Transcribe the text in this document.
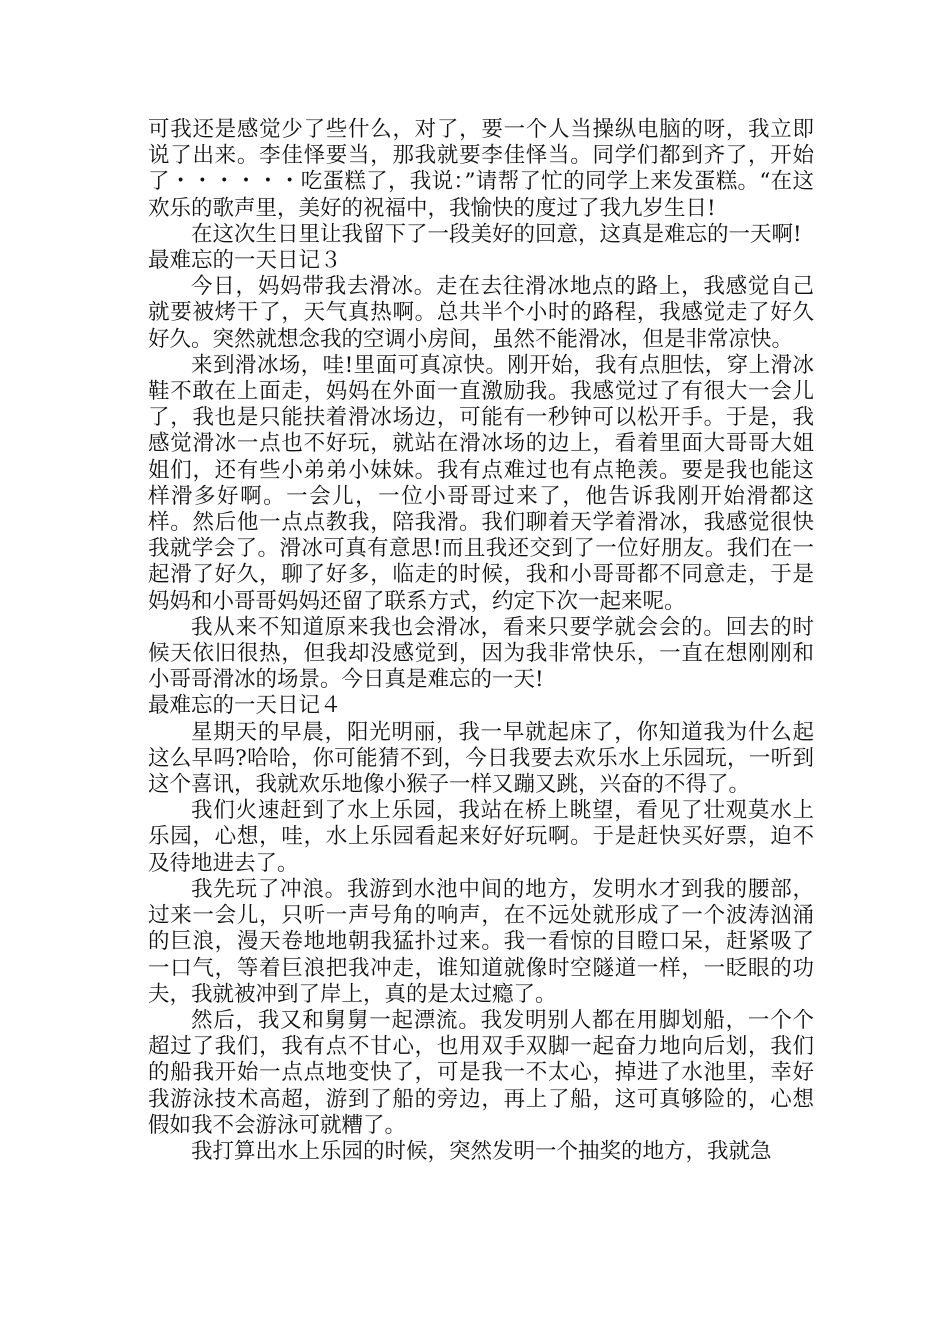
可我还是感觉少了些什么，对了，要一个人当操纵电脑的呀，我立即说了出来。李佳怿要当，那我就要李佳怿当。同学们都到齐了，开始了・・・・・・吃蛋糕了，我说：”请帮了忙的同学上来发蛋糕。“在这欢乐的歌声里，美好的祝福中，我愉快的度过了我九岁生日!

在这次生日里让我留下了一段美好的回意，这真是难忘的一天啊!

最难忘的一天日记３

今日，妈妈带我去滑冰。走在去往滑冰地点的路上，我感觉自己就要被烤干了，天气真热啊。总共半个小时的路程，我感觉走了好久好久。突然就想念我的空调小房间，虽然不能滑冰，但是非常凉快。

来到滑冰场，哇!里面可真凉快。刚开始，我有点胆怯，穿上滑冰鞋不敢在上面走，妈妈在外面一直激励我。我感觉过了有很大一会儿了，我也是只能扶着滑冰场边，可能有一秒钟可以松开手。于是，我感觉滑冰一点也不好玩，就站在滑冰场的边上，看着里面大哥哥大姐姐们，还有些小弟弟小妹妹。我有点难过也有点艳羡。要是我也能这样滑多好啊。一会儿，一位小哥哥过来了，他告诉我刚开始滑都这样。然后他一点点教我，陪我滑。我们聊着天学着滑冰，我感觉很快我就学会了。滑冰可真有意思!而且我还交到了一位好朋友。我们在一起滑了好久，聊了好多，临走的时候，我和小哥哥都不同意走，于是妈妈和小哥哥妈妈还留了联系方式，约定下次一起来呢。

我从来不知道原来我也会滑冰，看来只要学就会会的。回去的时候天依旧很热，但我却没感觉到，因为我非常快乐，一直在想刚刚和小哥哥滑冰的场景。今日真是难忘的一天!

最难忘的一天日记４

星期天的早晨，阳光明丽，我一早就起床了，你知道我为什么起这么早吗?哈哈，你可能猜不到，今日我要去欢乐水上乐园玩，一听到这个喜讯，我就欢乐地像小猴子一样又蹦又跳，兴奋的不得了。

我们火速赶到了水上乐园，我站在桥上眺望，看见了壮观莫水上乐园，心想，哇，水上乐园看起来好好玩啊。于是赶快买好票，迫不及待地进去了。

我先玩了冲浪。我游到水池中间的地方，发明水才到我的腰部，过来一会儿，只听一声号角的响声，在不远处就形成了一个波涛汹涌的巨浪，漫天卷地地朝我猛扑过来。我一看惊的目瞪口呆，赶紧吸了一口气，等着巨浪把我冲走，谁知道就像时空隧道一样，一眨眼的功夫，我就被冲到了岸上，真的是太过瘾了。

然后，我又和舅舅一起漂流。我发明别人都在用脚划船，一个个超过了我们，我有点不甘心，也用双手双脚一起奋力地向后划，我们的船我开始一点点地变快了，可是我一不太心，掉进了水池里，幸好我游泳技术高超，游到了船的旁边，再上了船，这可真够险的，心想假如我不会游泳可就糟了。

我打算出水上乐园的时候，突然发明一个抽奖的地方，我就急
